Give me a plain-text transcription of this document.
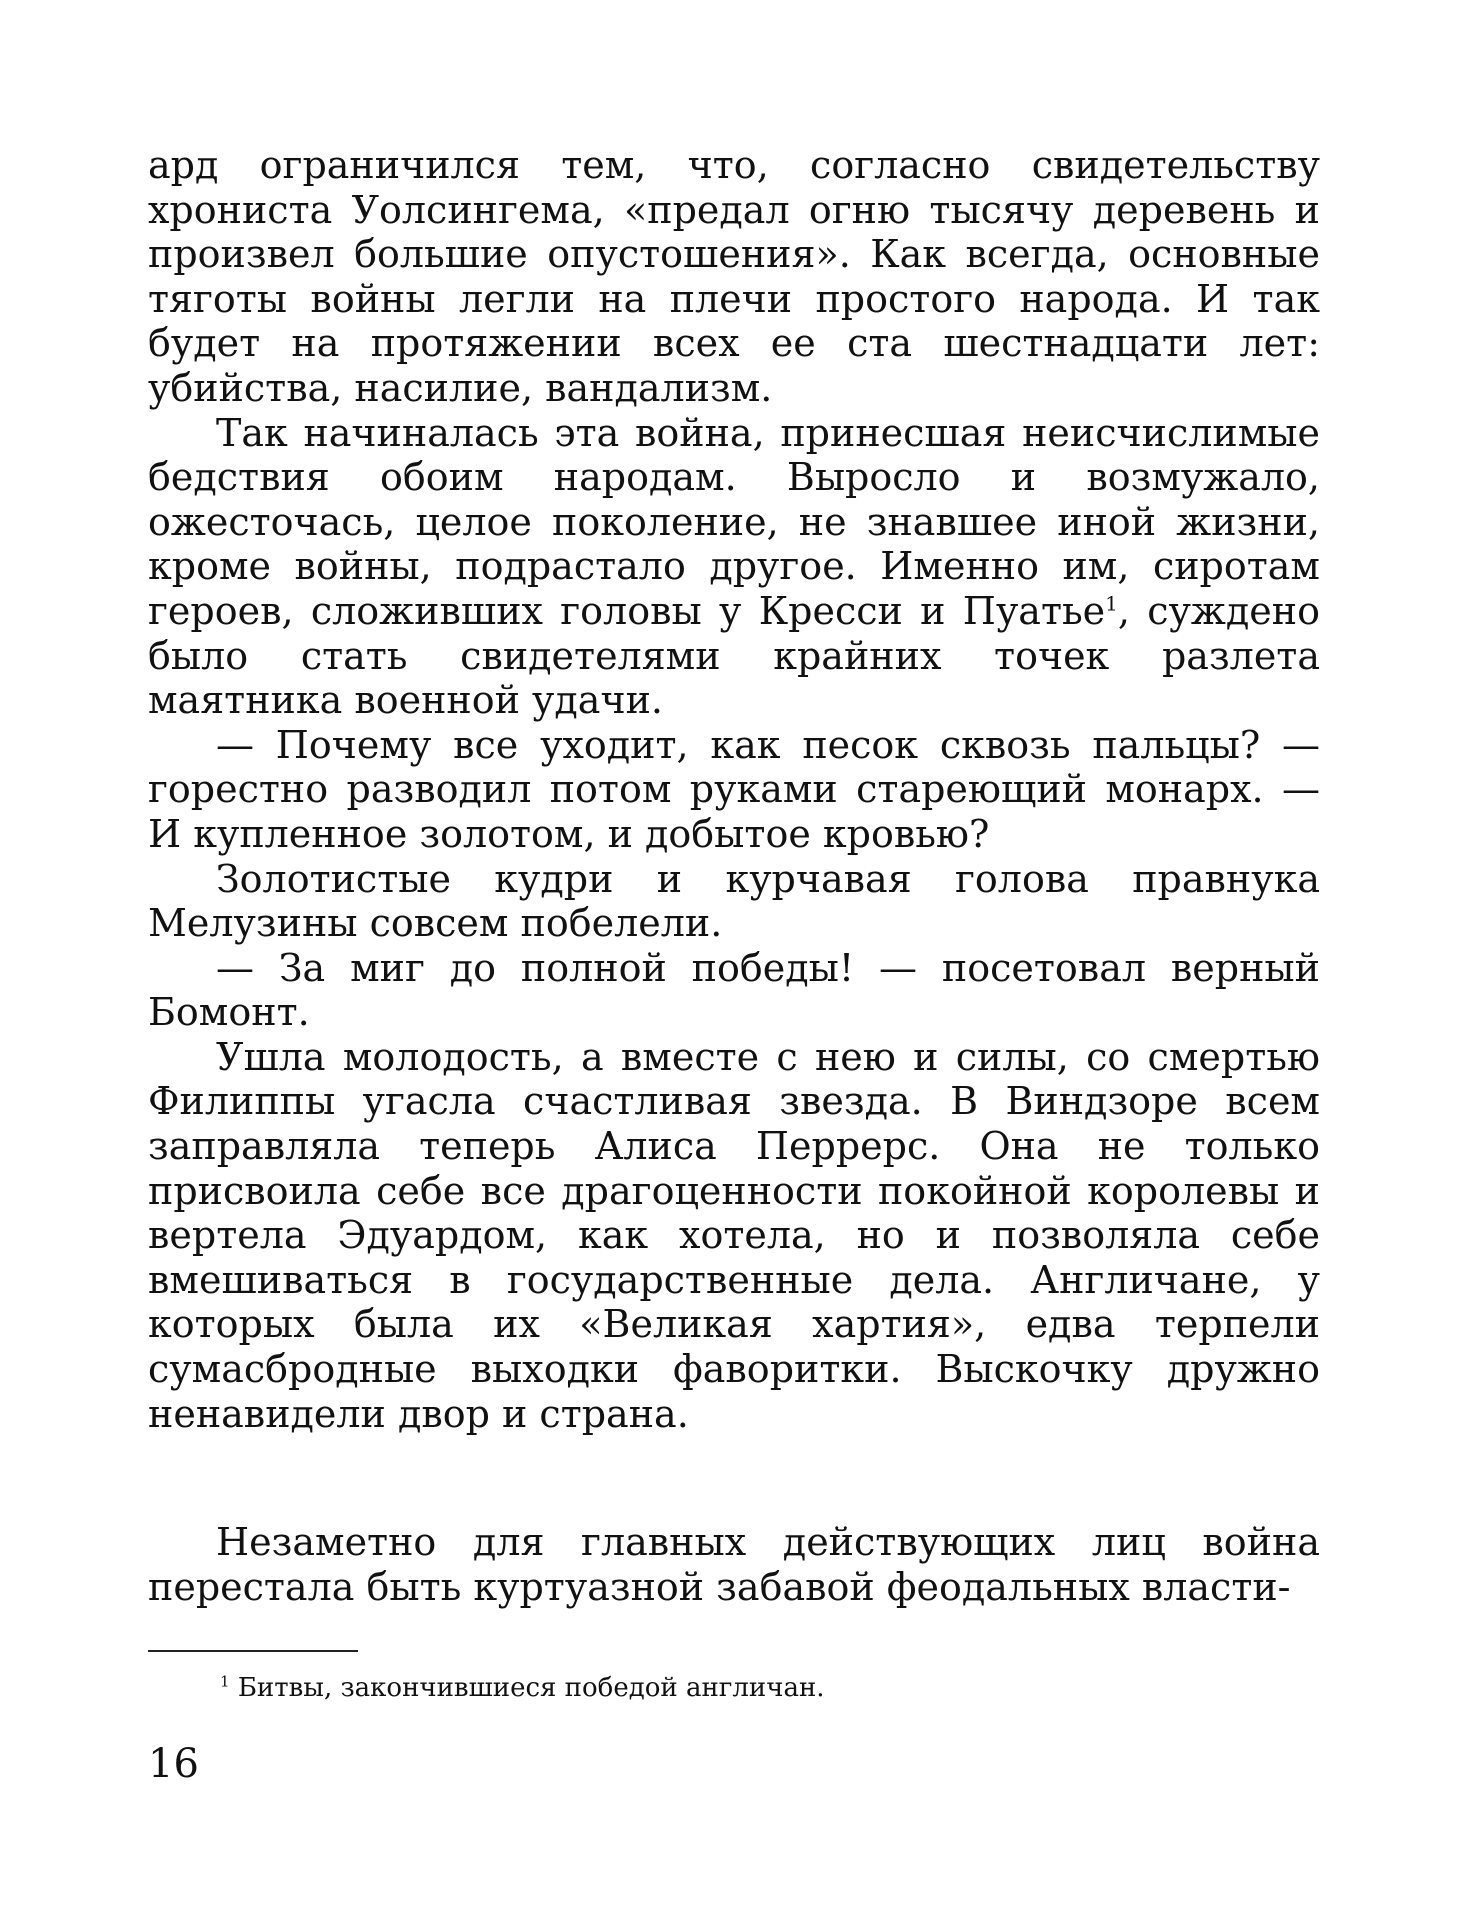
ард ограничился тем, что, согласно свидетельству хрониста Уолсингема, «предал огню тысячу деревень и произвел большие опустошения». Как всегда, основные тяготы войны легли на плечи простого народа. И так будет на протяжении всех ее ста шестнадцати лет: убийства, насилие, вандализм.

Так начиналась эта война, принесшая неисчислимые бедствия обоим народам. Выросло и возмужало, ожесточась, целое поколение, не знавшее иной жизни, кроме войны, подрастало другое. Именно им, сиротам героев, сложивших головы у Кресси и Пуатье$^1$, суждено было стать свидетелями крайних точек разлета маятника военной удачи.

— Почему все уходит, как песок сквозь пальцы? — горестно разводил потом руками стареющий монарх. — И купленное золотом, и добытое кровью?

Золотистые кудри и курчавая голова правнука Мелузины совсем побелели.

— За миг до полной победы! — посетовал верный Бомонт.

Ушла молодость, а вместе с нею и силы, со смертью Филиппы угасла счастливая звезда. В Виндзоре всем заправляла теперь Алиса Перрерс. Она не только присвоила себе все драгоценности покойной королевы и вертела Эдуардом, как хотела, но и позволяла себе вмешиваться в государственные дела. Англичане, у которых была их «Великая хартия», едва терпели сумасбродные выходки фаворитки. Выскочку дружно ненавидели двор и страна.

Незаметно для главных действующих лиц война перестала быть куртуазной забавой феодальных власти-

$^1$ Битвы, закончившиеся победой англичан.

16
